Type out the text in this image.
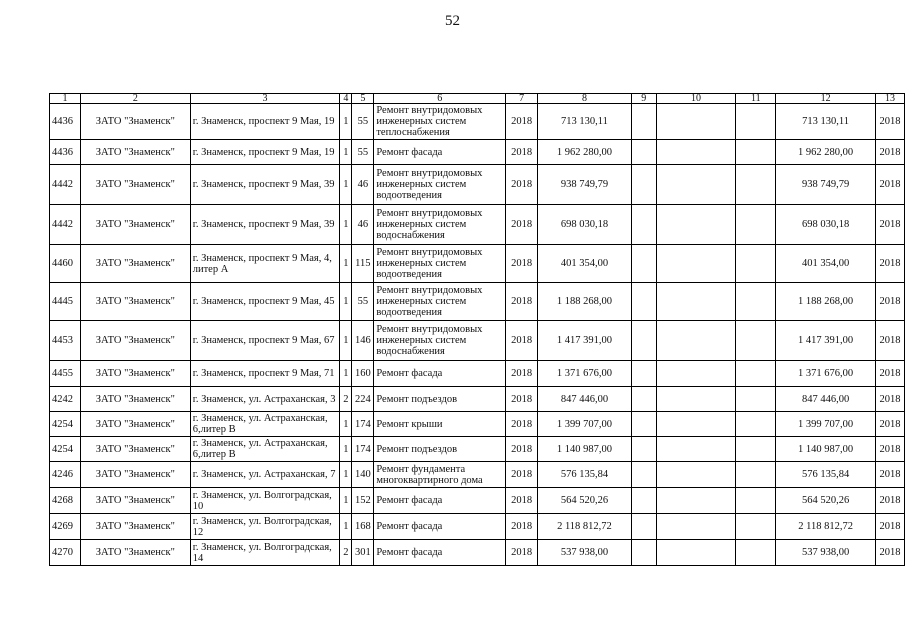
52
1	2	3	4	5	6	7	8	9	10	11	12	13
4436	ЗАТО "Знаменск"	г. Знаменск, проспект 9 Мая, 19	1	55	Ремонт внутридомовых инженерных систем теплоснабжения	2018	713 130,11				713 130,11	2018
4436	ЗАТО "Знаменск"	г. Знаменск, проспект 9 Мая, 19	1	55	Ремонт фасада	2018	1 962 280,00				1 962 280,00	2018
4442	ЗАТО "Знаменск"	г. Знаменск, проспект 9 Мая, 39	1	46	Ремонт внутридомовых инженерных систем водоотведения	2018	938 749,79				938 749,79	2018
4442	ЗАТО "Знаменск"	г. Знаменск, проспект 9 Мая, 39	1	46	Ремонт внутридомовых инженерных систем водоснабжения	2018	698 030,18				698 030,18	2018
4460	ЗАТО "Знаменск"	г. Знаменск, проспект 9 Мая, 4, литер А	1	115	Ремонт внутридомовых инженерных систем водоотведения	2018	401 354,00				401 354,00	2018
4445	ЗАТО "Знаменск"	г. Знаменск, проспект 9 Мая, 45	1	55	Ремонт внутридомовых инженерных систем водоотведения	2018	1 188 268,00				1 188 268,00	2018
4453	ЗАТО "Знаменск"	г. Знаменск, проспект 9 Мая, 67	1	146	Ремонт внутридомовых инженерных систем водоснабжения	2018	1 417 391,00				1 417 391,00	2018
4455	ЗАТО "Знаменск"	г. Знаменск, проспект 9 Мая, 71	1	160	Ремонт фасада	2018	1 371 676,00				1 371 676,00	2018
4242	ЗАТО "Знаменск"	г. Знаменск, ул. Астраханская, 3	2	224	Ремонт подъездов	2018	847 446,00				847 446,00	2018
4254	ЗАТО "Знаменск"	г. Знаменск, ул. Астраханская, 6,литер В	1	174	Ремонт крыши	2018	1 399 707,00				1 399 707,00	2018
4254	ЗАТО "Знаменск"	г. Знаменск, ул. Астраханская, 6,литер В	1	174	Ремонт подъездов	2018	1 140 987,00				1 140 987,00	2018
4246	ЗАТО "Знаменск"	г. Знаменск, ул. Астраханская, 7	1	140	Ремонт фундамента многоквартирного дома	2018	576 135,84				576 135,84	2018
4268	ЗАТО "Знаменск"	г. Знаменск, ул. Волгоградская, 10	1	152	Ремонт фасада	2018	564 520,26				564 520,26	2018
4269	ЗАТО "Знаменск"	г. Знаменск, ул. Волгоградская, 12	1	168	Ремонт фасада	2018	2 118 812,72				2 118 812,72	2018
4270	ЗАТО "Знаменск"	г. Знаменск, ул. Волгоградская, 14	2	301	Ремонт фасада	2018	537 938,00				537 938,00	2018
